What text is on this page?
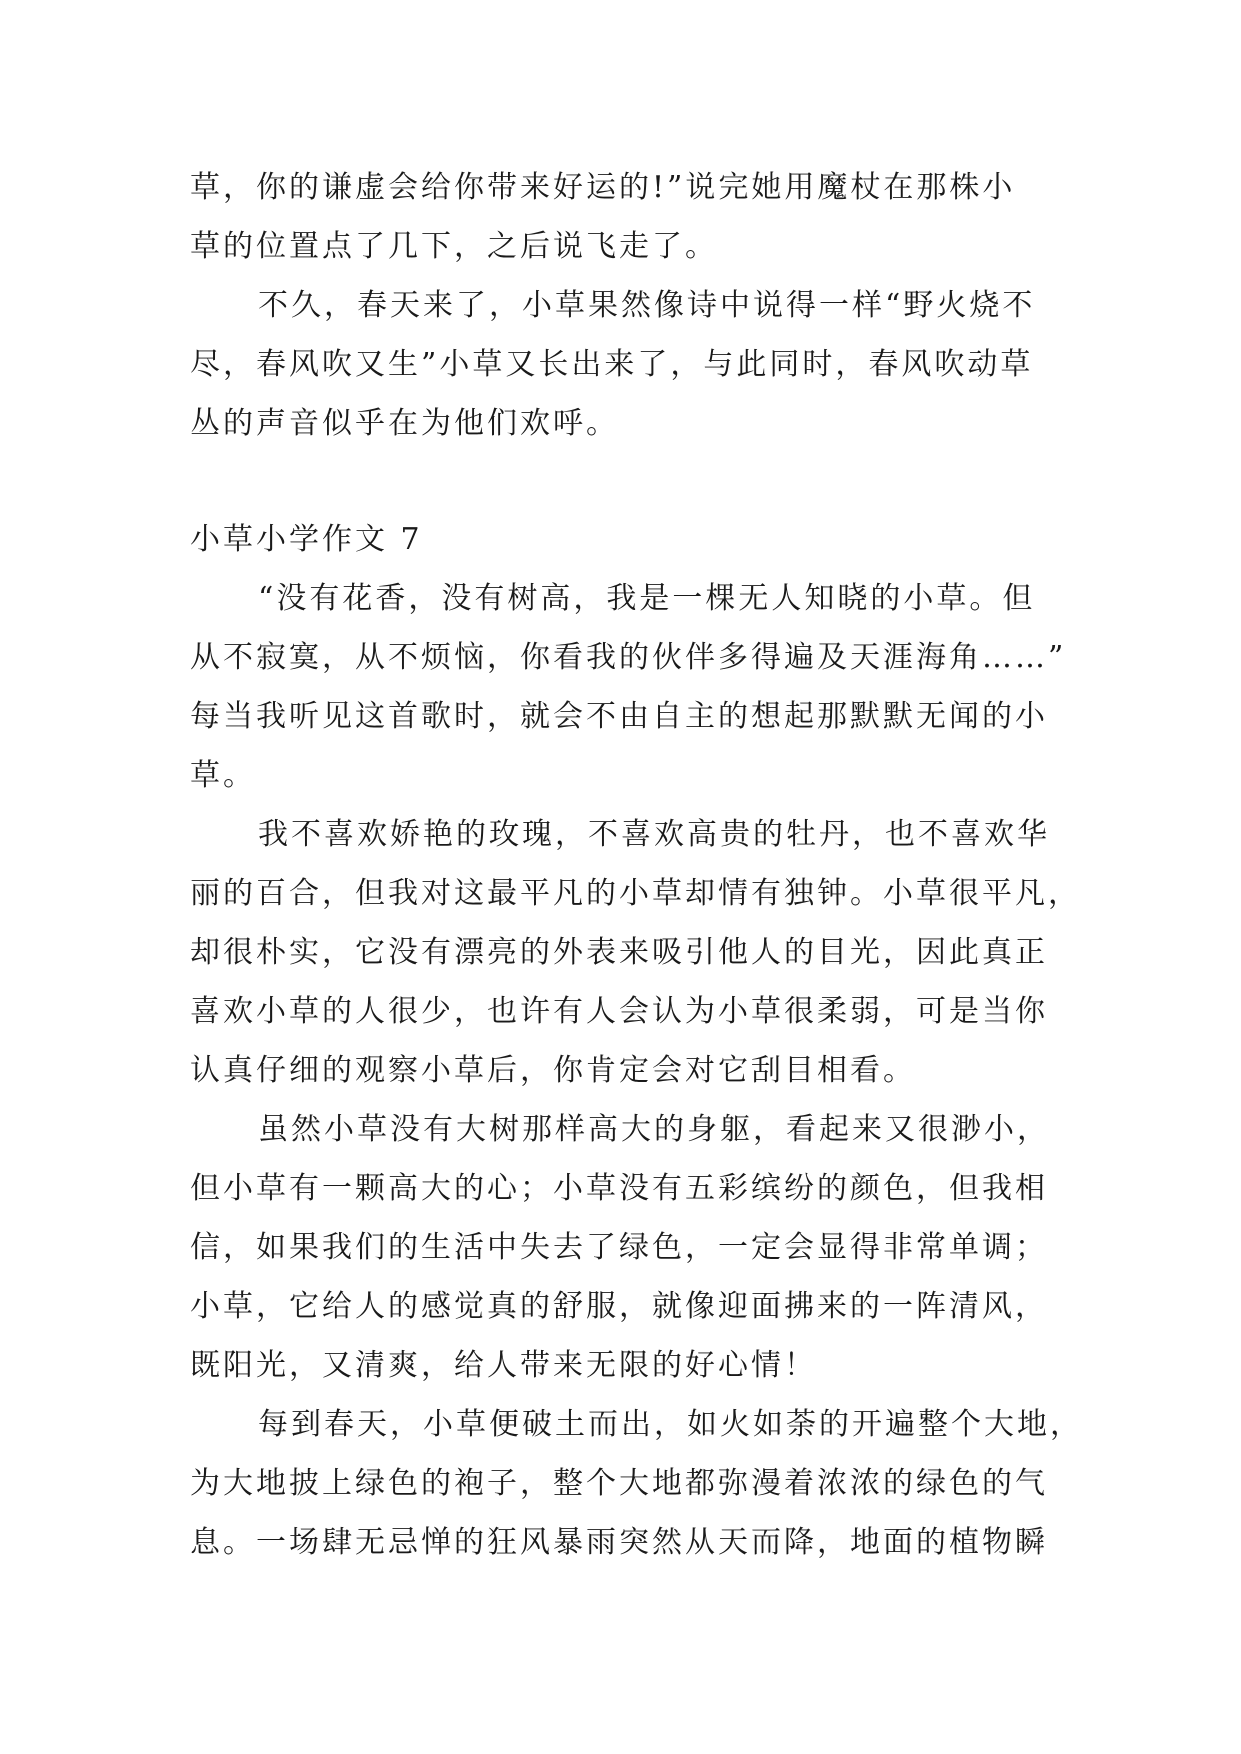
草，你的谦虚会给你带来好运的!”说完她用魔杖在那株小
草的位置点了几下，之后说飞走了。
不久，春天来了，小草果然像诗中说得一样“野火烧不
尽，春风吹又生”小草又长出来了，与此同时，春风吹动草
丛的声音似乎在为他们欢呼。
小草小学作文 7
“没有花香，没有树高，我是一棵无人知晓的小草。但
从不寂寞，从不烦恼，你看我的伙伴多得遍及天涯海角……”
每当我听见这首歌时，就会不由自主的想起那默默无闻的小
草。
我不喜欢娇艳的玫瑰，不喜欢高贵的牡丹，也不喜欢华
丽的百合，但我对这最平凡的小草却情有独钟。小草很平凡，
却很朴实，它没有漂亮的外表来吸引他人的目光，因此真正
喜欢小草的人很少，也许有人会认为小草很柔弱，可是当你
认真仔细的观察小草后，你肯定会对它刮目相看。
虽然小草没有大树那样高大的身躯，看起来又很渺小，
但小草有一颗高大的心；小草没有五彩缤纷的颜色，但我相
信，如果我们的生活中失去了绿色，一定会显得非常单调；
小草，它给人的感觉真的舒服，就像迎面拂来的一阵清风，
既阳光，又清爽，给人带来无限的好心情！
每到春天，小草便破土而出，如火如荼的开遍整个大地，
为大地披上绿色的袍子，整个大地都弥漫着浓浓的绿色的气
息。一场肆无忌惮的狂风暴雨突然从天而降，地面的植物瞬
